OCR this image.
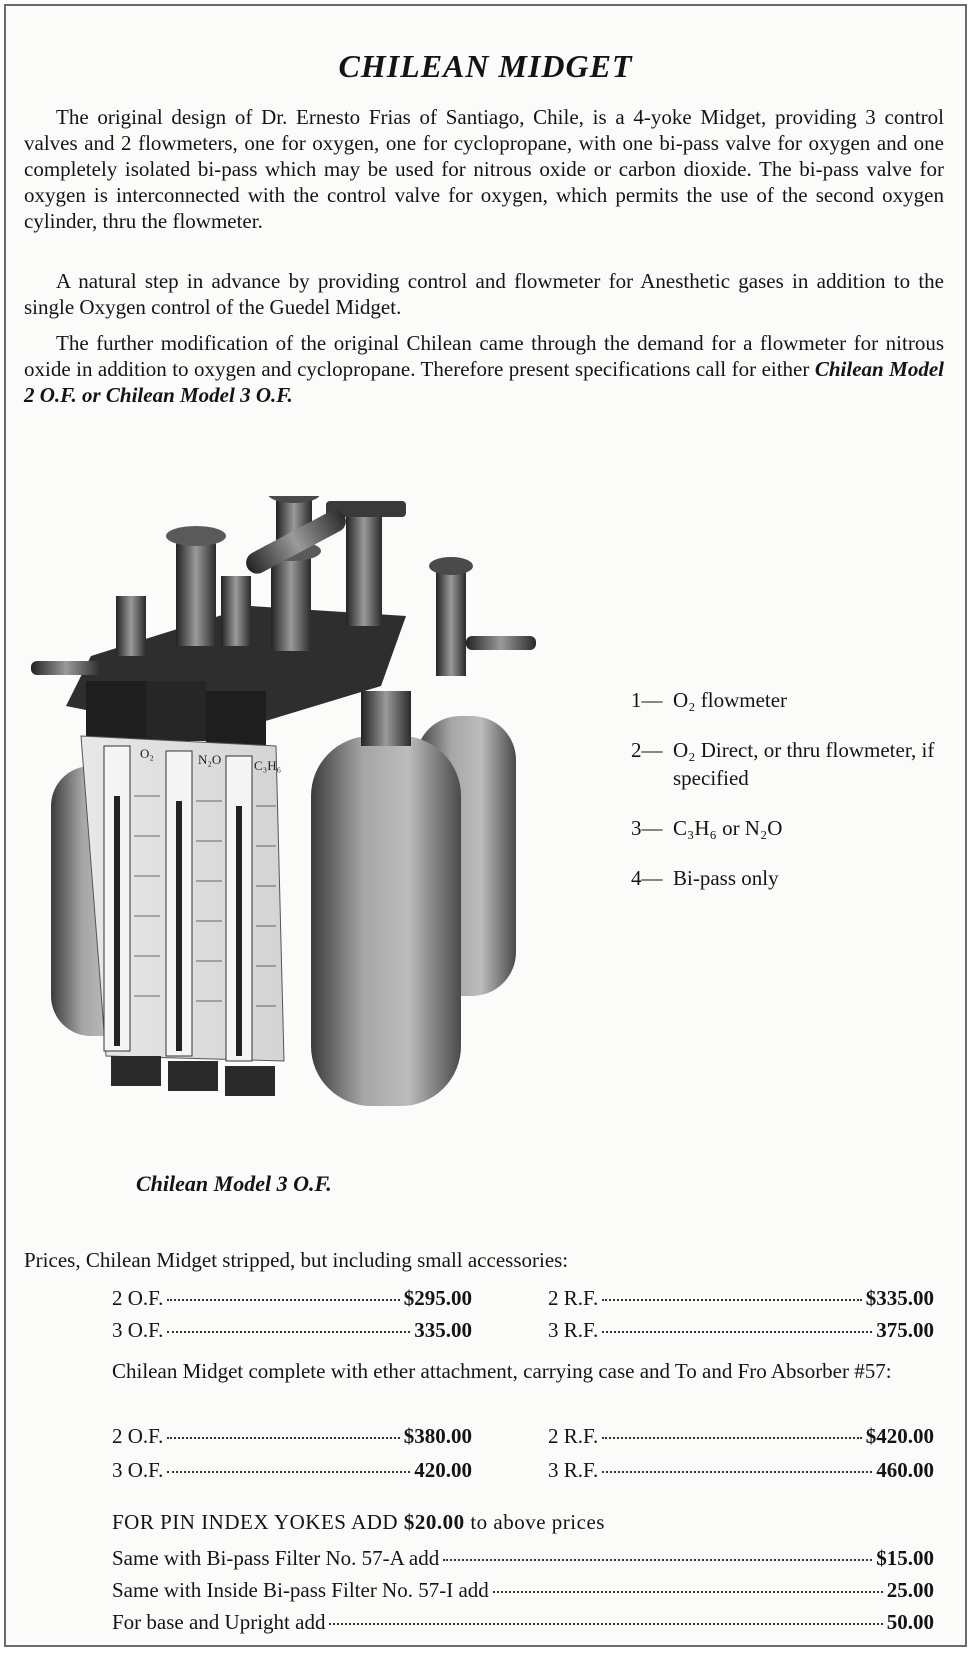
CHILEAN MIDGET

The original design of Dr. Ernesto Frias of Santiago, Chile, is a 4-yoke Midget, providing 3 control valves and 2 flowmeters, one for oxygen, one for cyclopropane, with one bi-pass valve for oxygen and one completely isolated bi-pass which may be used for nitrous oxide or carbon dioxide. The bi-pass valve for oxygen is interconnected with the control valve for oxygen, which permits the use of the second oxygen cylinder, thru the flowmeter.

A natural step in advance by providing control and flowmeter for Anesthetic gases in addition to the single Oxygen control of the Guedel Midget.

The further modification of the original Chilean came through the demand for a flowmeter for nitrous oxide in addition to oxygen and cyclopropane. Therefore present specifications call for either Chilean Model 2 O.F. or Chilean Model 3 O.F.

O₂	N₂O	C₃H₆
Chilean Model 3 O.F.
1— O₂ flowmeter
2— O₂ Direct, or thru flowmeter, if specified
3— C₃H₆ or N₂O
4— Bi-pass only
Prices, Chilean Midget stripped, but including small accessories:
2 O.F.	$295.00	2 R.F.	$335.00
3 O.F.	335.00	3 R.F.	375.00
Chilean Midget complete with ether attachment, carrying case and To and Fro Absorber #57:
2 O.F.	$380.00	2 R.F.	$420.00
3 O.F.	420.00	3 R.F.	460.00
FOR PIN INDEX YOKES ADD $20.00 to above prices
Same with Bi-pass Filter No. 57-A add	$15.00
Same with Inside Bi-pass Filter No. 57-I add	25.00
For base and Upright add	50.00
